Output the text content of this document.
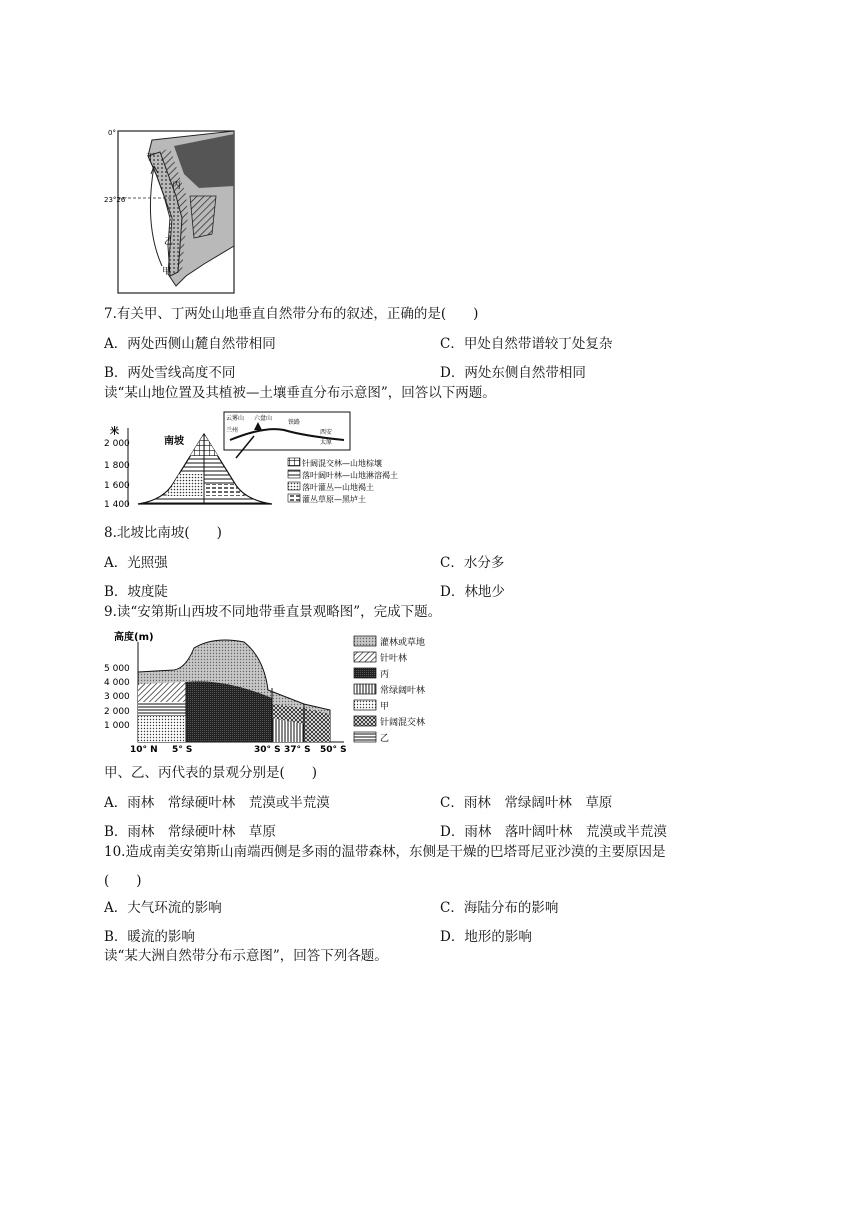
0°
23°26′
丁
丙
乙
甲
7.有关甲、丁两处山地垂直自然带分布的叙述，正确的是(　　)
A．两处西侧山麓自然带相同	C．甲处自然带谱较丁处复杂
B．两处雪线高度不同	D．两处东侧自然带相同
读“某山地位置及其植被—土壤垂直分布示意图”，回答以下两题。
米
2 000
1 800
1 600
1 400
南坡
云雾山
兰州
六盘山
西安
铁路
太原
针阔混交林—山地棕壤
落叶阔叶林—山地淋溶褐土
落叶灌丛—山地褐土
灌丛草原—黑垆土
8.北坡比南坡(　　)
A．光照强	C．水分多
B．坡度陡	D．林地少
9.读“安第斯山西坡不同地带垂直景观略图”，完成下题。
高度(m)
5 000
4 000
3 000
2 000
1 000
10° N 5° S	30° S 37° S 50° S
灌林或草地
针叶林
丙
常绿阔叶林
甲
针阔混交林
乙
甲、乙、丙代表的景观分别是(　　)
A．雨林　常绿硬叶林　荒漠或半荒漠	C．雨林　常绿阔叶林　草原
B．雨林　常绿硬叶林　草原	D．雨林　落叶阔叶林　荒漠或半荒漠
10.造成南美安第斯山南端西侧是多雨的温带森林，东侧是干燥的巴塔哥尼亚沙漠的主要原因是
(　　)
A．大气环流的影响	C．海陆分布的影响
B．暖流的影响	D．地形的影响
读“某大洲自然带分布示意图”，回答下列各题。
